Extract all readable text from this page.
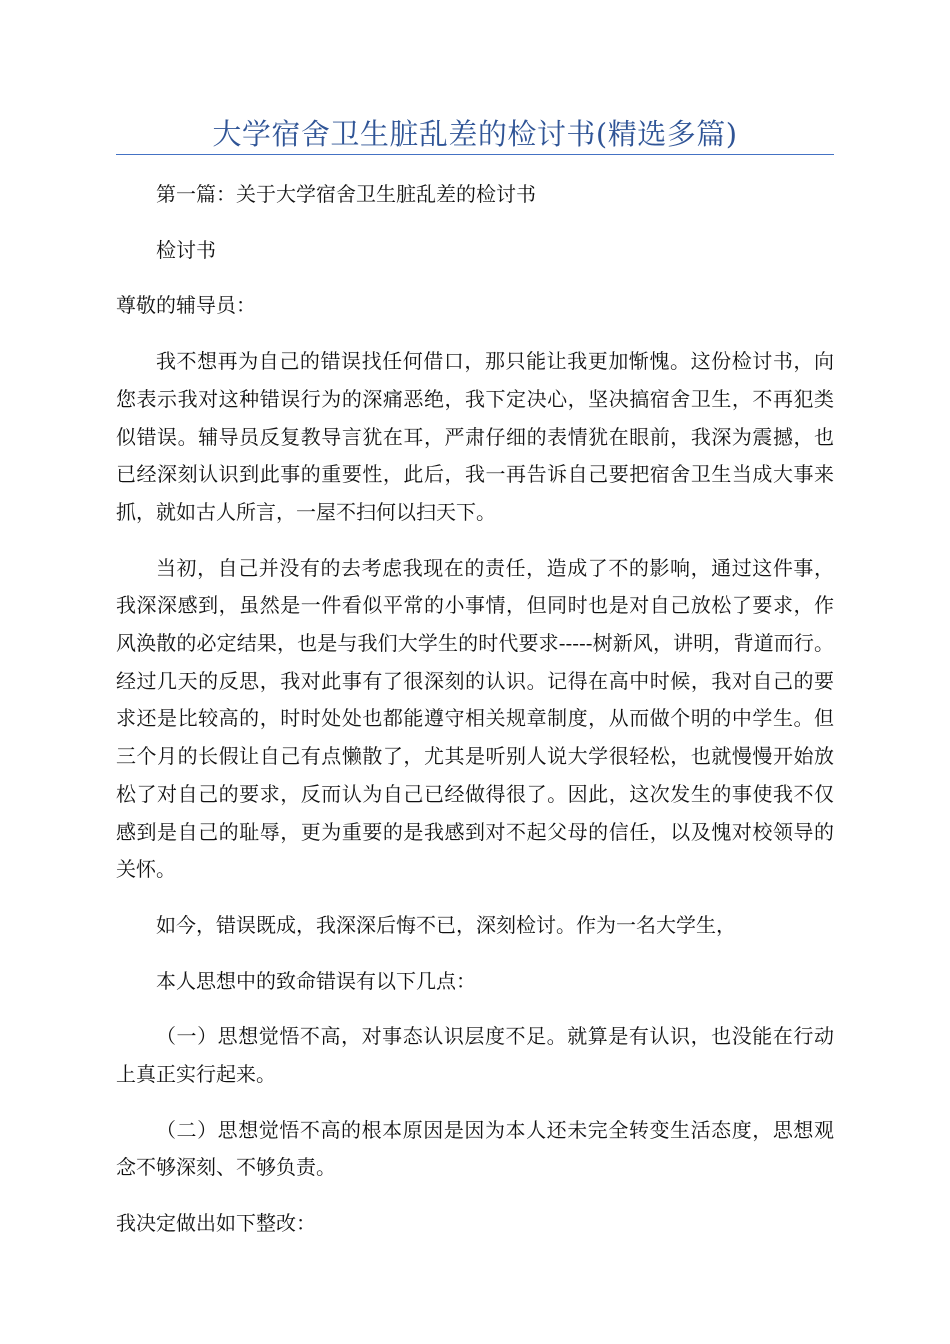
大学宿舍卫生脏乱差的检讨书(精选多篇)

第一篇：关于大学宿舍卫生脏乱差的检讨书

检讨书

尊敬的辅导员：

我不想再为自己的错误找任何借口，那只能让我更加惭愧。这份检讨书，向您表示我对这种错误行为的深痛恶绝，我下定决心，坚决搞宿舍卫生，不再犯类似错误。辅导员反复教导言犹在耳，严肃仔细的表情犹在眼前，我深为震撼，也已经深刻认识到此事的重要性，此后，我一再告诉自己要把宿舍卫生当成大事来抓，就如古人所言，一屋不扫何以扫天下。

当初，自己并没有的去考虑我现在的责任，造成了不的影响，通过这件事，我深深感到，虽然是一件看似平常的小事情，但同时也是对自己放松了要求，作风涣散的必定结果，也是与我们大学生的时代要求-----树新风，讲明，背道而行。经过几天的反思，我对此事有了很深刻的认识。记得在高中时候，我对自己的要求还是比较高的，时时处处也都能遵守相关规章制度，从而做个明的中学生。但三个月的长假让自己有点懒散了，尤其是听别人说大学很轻松，也就慢慢开始放松了对自己的要求，反而认为自己已经做得很了。因此，这次发生的事使我不仅感到是自己的耻辱，更为重要的是我感到对不起父母的信任，以及愧对校领导的关怀。

如今，错误既成，我深深后悔不已，深刻检讨。作为一名大学生，

本人思想中的致命错误有以下几点：

（一）思想觉悟不高，对事态认识层度不足。就算是有认识，也没能在行动上真正实行起来。

（二）思想觉悟不高的根本原因是因为本人还未完全转变生活态度，思想观念不够深刻、不够负责。

我决定做出如下整改：
